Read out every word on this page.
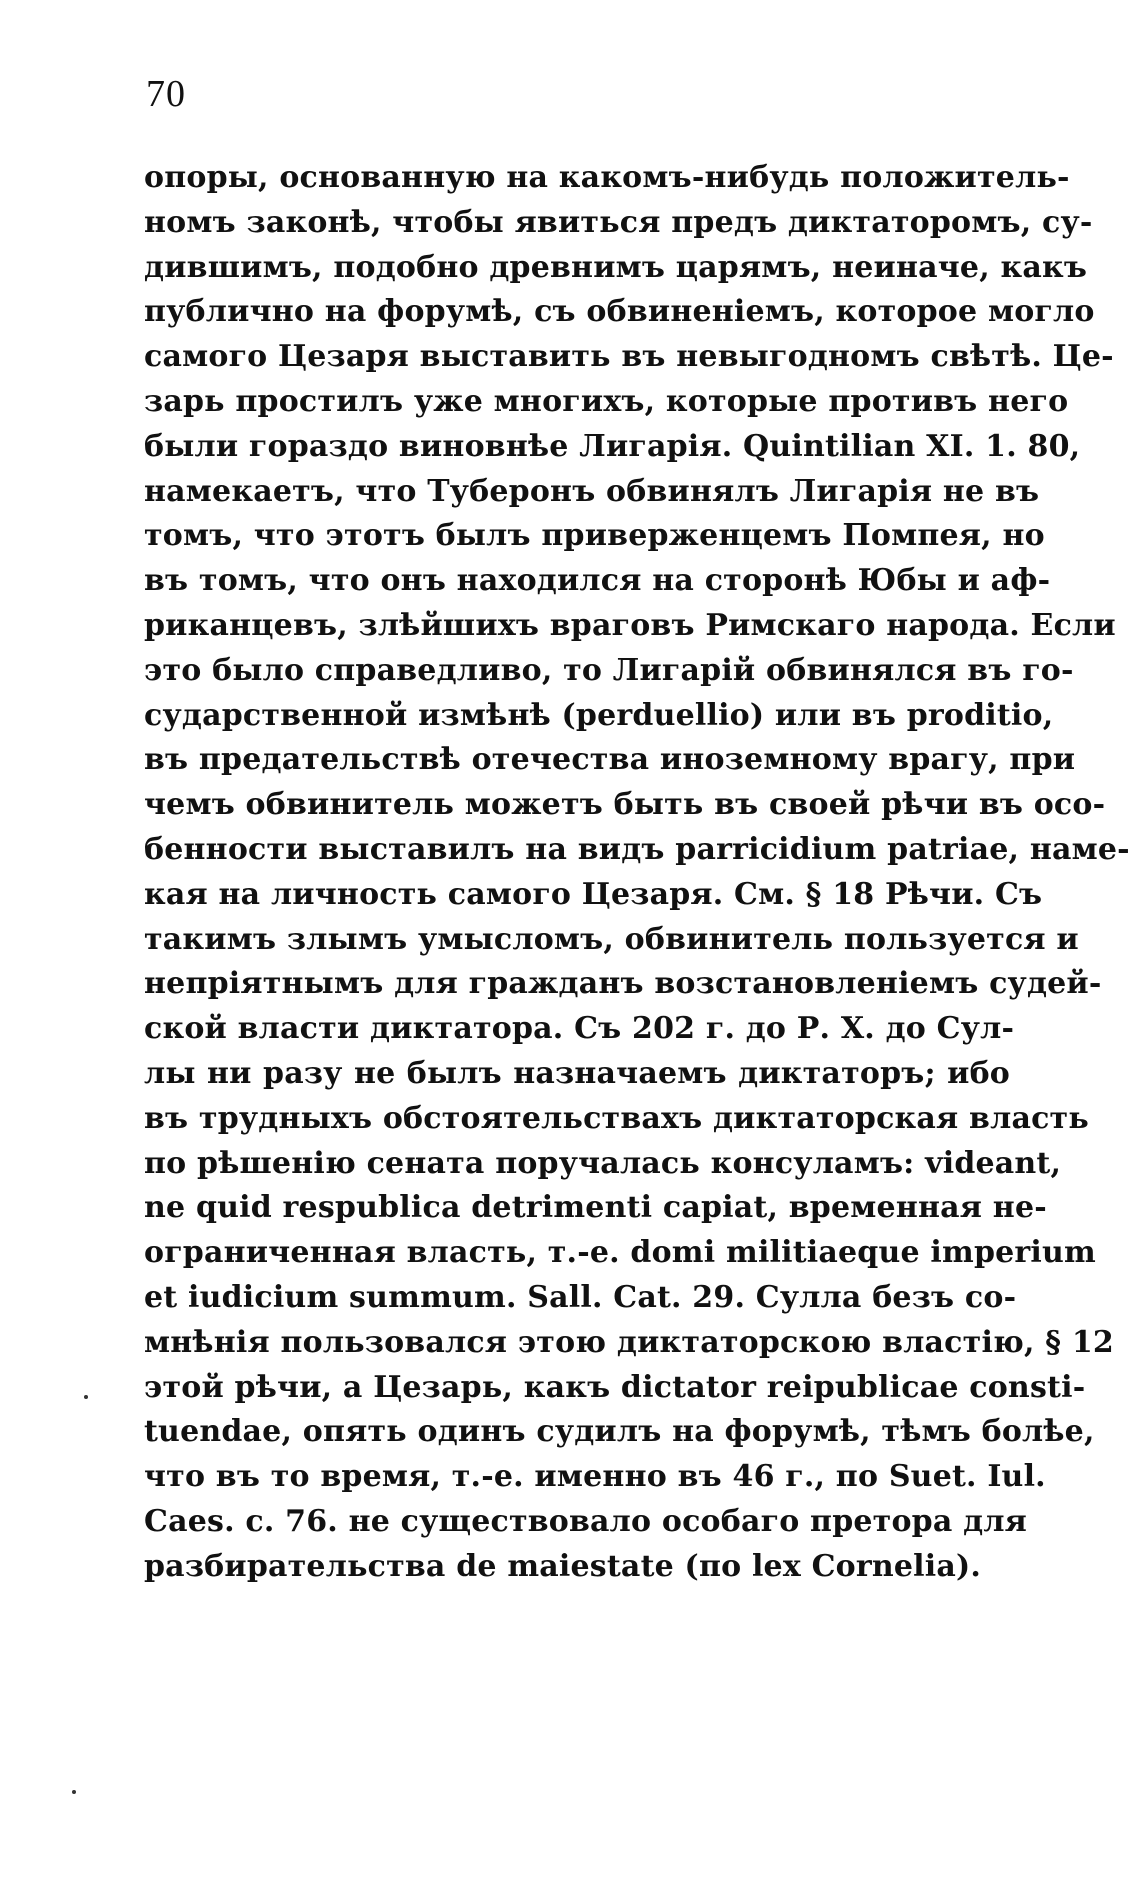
70
опоры, основанную на какомъ-нибудь положитель-
номъ законѣ, чтобы явиться предъ диктаторомъ, су-
дившимъ, подобно древнимъ царямъ, неиначе, какъ
публично на форумѣ, съ обвиненіемъ, которое могло
самого Цезаря выставить въ невыгодномъ свѣтѣ. Це-
зарь простилъ уже многихъ, которые противъ него
были гораздо виновнѣе Лигарія. Quintilian XI. 1. 80,
намекаетъ, что Туберонъ обвинялъ Лигарія не въ
томъ, что этотъ былъ приверженцемъ Помпея, но
въ томъ, что онъ находился на сторонѣ Юбы и аф-
риканцевъ, злѣйшихъ враговъ Римскаго народа. Если
это было справедливо, то Лигарій обвинялся въ го-
сударственной измѣнѣ (perduellio) или въ proditio,
въ предательствѣ отечества иноземному врагу, при
чемъ обвинитель можетъ быть въ своей рѣчи въ осо-
бенности выставилъ на видъ parricidium patriae, наме-
кая на личность самого Цезаря. См. § 18 Рѣчи. Съ
такимъ злымъ умысломъ, обвинитель пользуется и
непріятнымъ для гражданъ возстановленіемъ судей-
ской власти диктатора. Съ 202 г. до Р. Х. до Сул-
лы ни разу не былъ назначаемъ диктаторъ; ибо
въ трудныхъ обстоятельствахъ диктаторская власть
по рѣшенію сената поручалась консуламъ: videant,
ne quid respublica detrimenti capiat, временная не-
ограниченная власть, т.-е. domi militiaeque imperium
et iudicium summum. Sall. Cat. 29. Сулла безъ со-
мнѣнія пользовался этою диктаторскою властію, § 12
этой рѣчи, а Цезарь, какъ dictator reipublicae consti-
tuendae, опять одинъ судилъ на форумѣ, тѣмъ болѣе,
что въ то время, т.-е. именно въ 46 г., по Suet. Iul.
Caes. c. 76. не существовало особаго претора для
разбирательства de maiestate (по lex Cornelia).
